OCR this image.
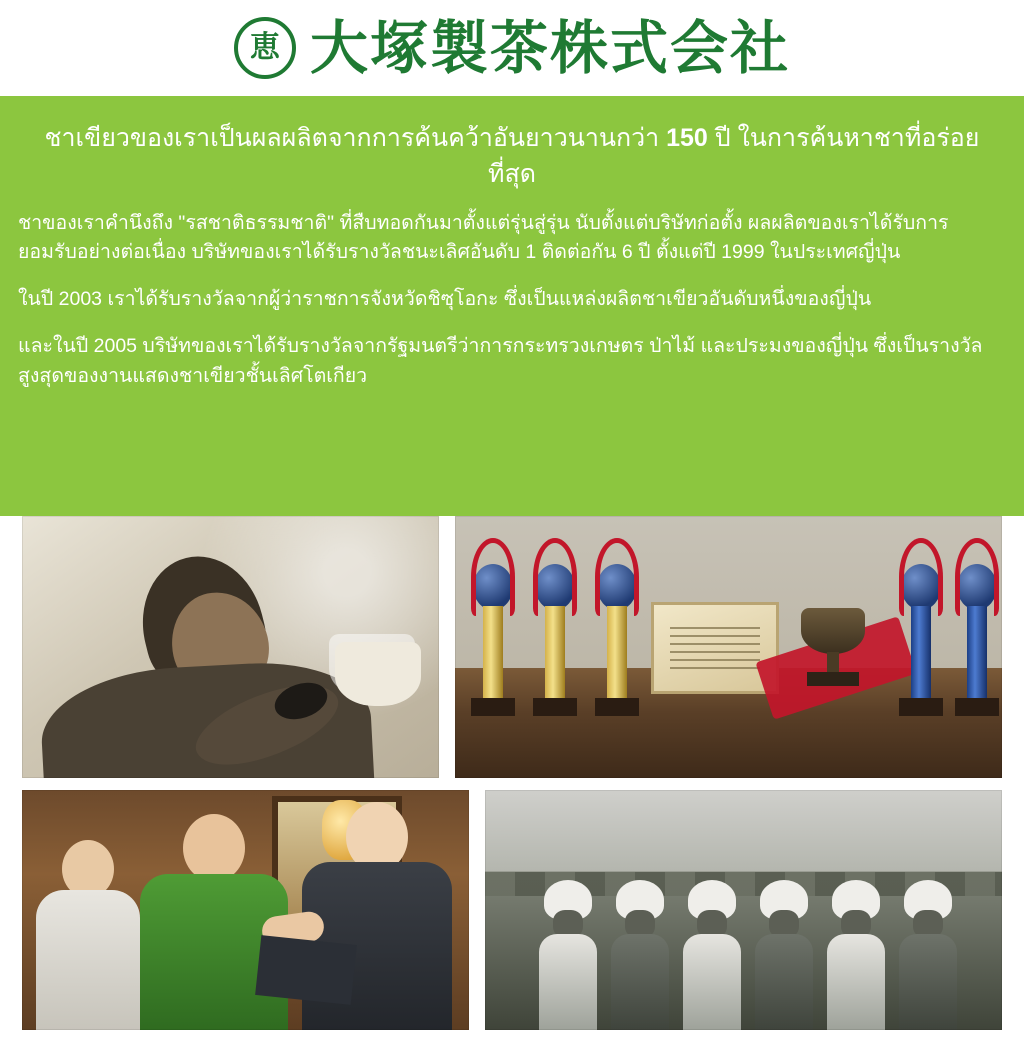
恵 大塚製茶株式会社
ชาเขียวของเราเป็นผลผลิตจากการค้นคว้าอันยาวนานกว่า 150 ปี ในการค้นหาชาที่อร่อยที่สุด

ชาของเราคำนึงถึง "รสชาติธรรมชาติ" ที่สืบทอดกันมาตั้งแต่รุ่นสู่รุ่น นับตั้งแต่บริษัทก่อตั้ง ผลผลิตของเราได้รับการยอมรับอย่างต่อเนื่อง บริษัทของเราได้รับรางวัลชนะเลิศอันดับ 1 ติดต่อกัน 6 ปี ตั้งแต่ปี 1999 ในประเทศญี่ปุ่น

ในปี 2003 เราได้รับรางวัลจากผู้ว่าราชการจังหวัดชิซุโอกะ ซึ่งเป็นแหล่งผลิตชาเขียวอันดับหนึ่งของญี่ปุ่น

และในปี 2005 บริษัทของเราได้รับรางวัลจากรัฐมนตรีว่าการกระทรวงเกษตร ป่าไม้ และประมงของญี่ปุ่น ซึ่งเป็นรางวัลสูงสุดของงานแสดงชาเขียวชั้นเลิศโตเกียว
